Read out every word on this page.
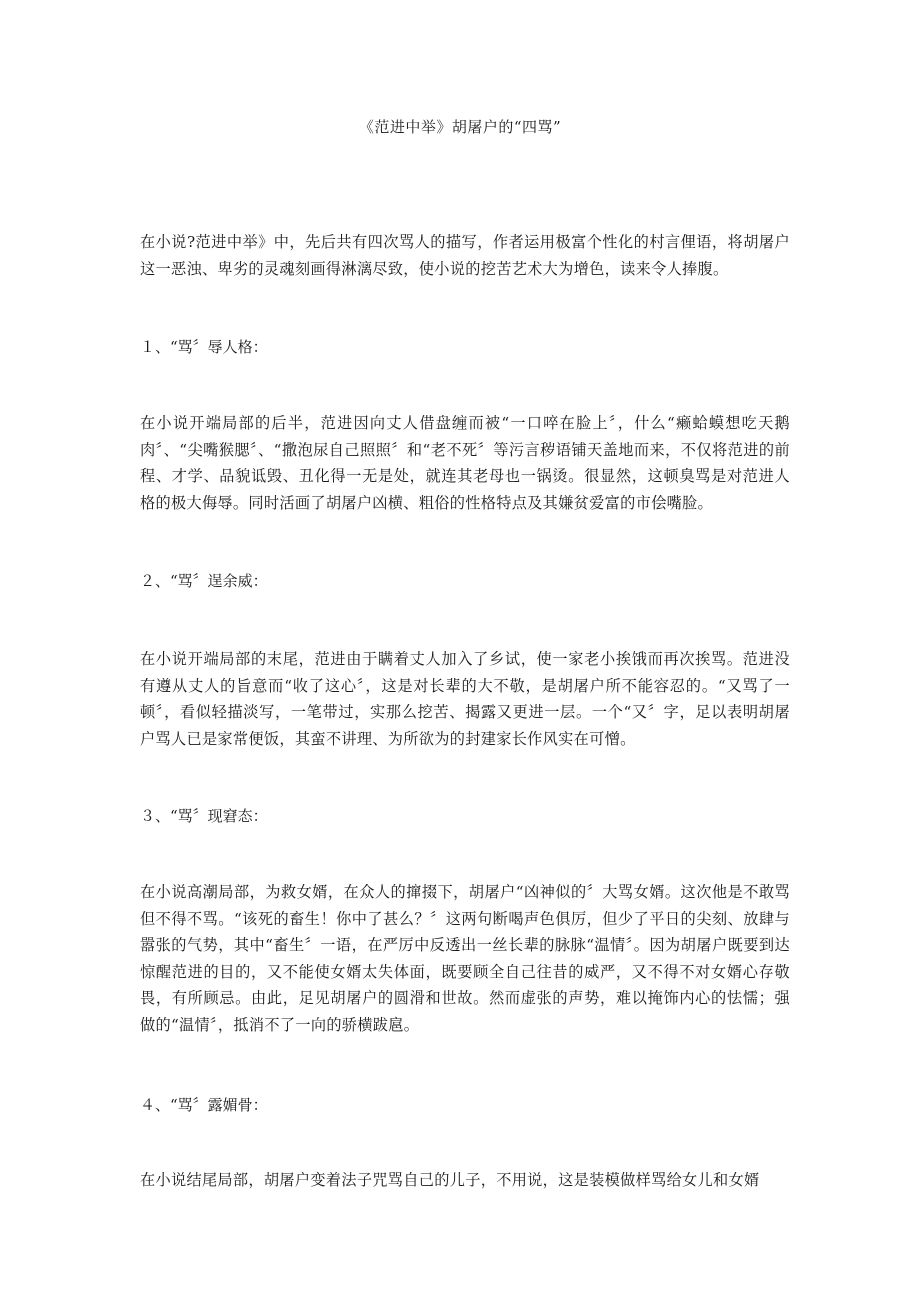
《范进中举》胡屠户的“四骂”

在小说?范进中举》中，先后共有四次骂人的描写，作者运用极富个性化的村言俚语，将胡屠户这一恶浊、卑劣的灵魂刻画得淋漓尽致，使小说的挖苦艺术大为增色，读来令人捧腹。

１、“骂〞辱人格：

在小说开端局部的后半，范进因向丈人借盘缠而被“一口啐在脸上〞，什么“癞蛤蟆想吃天鹅肉〞、“尖嘴猴腮〞、“撒泡尿自己照照〞和“老不死〞等污言秽语铺天盖地而来，不仅将范进的前程、才学、品貌诋毁、丑化得一无是处，就连其老母也一锅烫。很显然，这顿臭骂是对范进人格的极大侮辱。同时活画了胡屠户凶横、粗俗的性格特点及其嫌贫爱富的市侩嘴脸。

２、“骂〞逞余威：

在小说开端局部的末尾，范进由于瞒着丈人加入了乡试，使一家老小挨饿而再次挨骂。范进没有遵从丈人的旨意而“收了这心〞，这是对长辈的大不敬，是胡屠户所不能容忍的。“又骂了一顿〞，看似轻描淡写，一笔带过，实那么挖苦、揭露又更进一层。一个“又〞字，足以表明胡屠户骂人已是家常便饭，其蛮不讲理、为所欲为的封建家长作风实在可憎。

３、“骂〞现窘态：

在小说高潮局部，为救女婿，在众人的撺掇下，胡屠户“凶神似的〞大骂女婿。这次他是不敢骂但不得不骂。“该死的畜生！你中了甚么？〞这两句断喝声色俱厉，但少了平日的尖刻、放肆与嚣张的气势，其中“畜生〞一语，在严厉中反透出一丝长辈的脉脉“温情〞。因为胡屠户既要到达惊醒范进的目的，又不能使女婿太失体面，既要顾全自己往昔的威严，又不得不对女婿心存敬畏，有所顾忌。由此，足见胡屠户的圆滑和世故。然而虚张的声势，难以掩饰内心的怯懦；强做的“温情〞，抵消不了一向的骄横跋扈。

４、“骂〞露媚骨：

在小说结尾局部，胡屠户变着法子咒骂自己的儿子，不用说，这是装模做样骂给女儿和女婿
